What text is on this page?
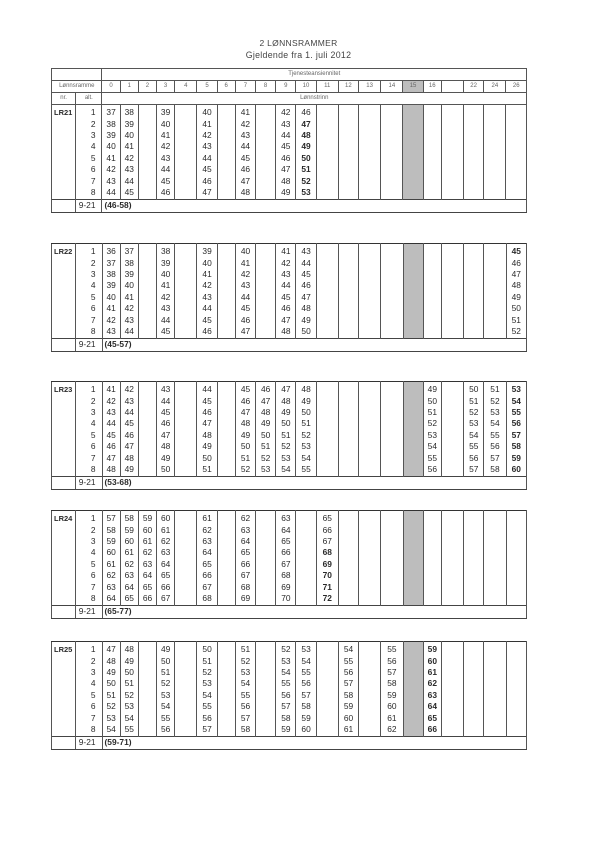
2 LØNNSRAMMER
Gjeldende fra 1. juli 2012
		Tjenesteansiennitet																				
Lønnsramme		0	1	2	3	4	5	6	7	8	9	10	11	12	13	14	15	16		22	24	26
nr.	alt.	Lønnstrinn																				
LR21	1	37	38		39		40		41		42	46										
	2	38	39		40		41		42		43	47										
	3	39	40		41		42		43		44	48										
	4	40	41		42		43		44		45	49										
	5	41	42		43		44		45		46	50										
	6	42	43		44		45		46		47	51										
	7	43	44		45		46		47		48	52										
	8	44	45		46		47		48		49	53										
	9-21	(46-58)																				
LR22	1	36	37		38		39		40		41	43										45
	2	37	38		39		40		41		42	44										46
	3	38	39		40		41		42		43	45										47
	4	39	40		41		42		43		44	46										48
	5	40	41		42		43		44		45	47										49
	6	41	42		43		44		45		46	48										50
	7	42	43		44		45		46		47	49										51
	8	43	44		45		46		47		48	50										52
	9-21	(45-57)																				
LR23	1	41	42		43		44		45	46	47	48						49		50	51	53
	2	42	43		44		45		46	47	48	49						50		51	52	54
	3	43	44		45		46		47	48	49	50						51		52	53	55
	4	44	45		46		47		48	49	50	51						52		53	54	56
	5	45	46		47		48		49	50	51	52						53		54	55	57
	6	46	47		48		49		50	51	52	53						54		55	56	58
	7	47	48		49		50		51	52	53	54						55		56	57	59
	8	48	49		50		51		52	53	54	55						56		57	58	60
	9-21	(53-68)																				
LR24	1	57	58	59	60		61		62		63		65									
	2	58	59	60	61		62		63		64		66									
	3	59	60	61	62		63		64		65		67									
	4	60	61	62	63		64		65		66		68									
	5	61	62	63	64		65		66		67		69									
	6	62	63	64	65		66		67		68		70									
	7	63	64	65	66		67		68		69		71									
	8	64	65	66	67		68		69		70		72									
	9-21	(65-77)																				
LR25	1	47	48		49		50		51		52	53		54		55		59				
	2	48	49		50		51		52		53	54		55		56		60				
	3	49	50		51		52		53		54	55		56		57		61				
	4	50	51		52		53		54		55	56		57		58		62				
	5	51	52		53		54		55		56	57		58		59		63				
	6	52	53		54		55		56		57	58		59		60		64				
	7	53	54		55		56		57		58	59		60		61		65				
	8	54	55		56		57		58		59	60		61		62		66				
	9-21	(59-71)																				
